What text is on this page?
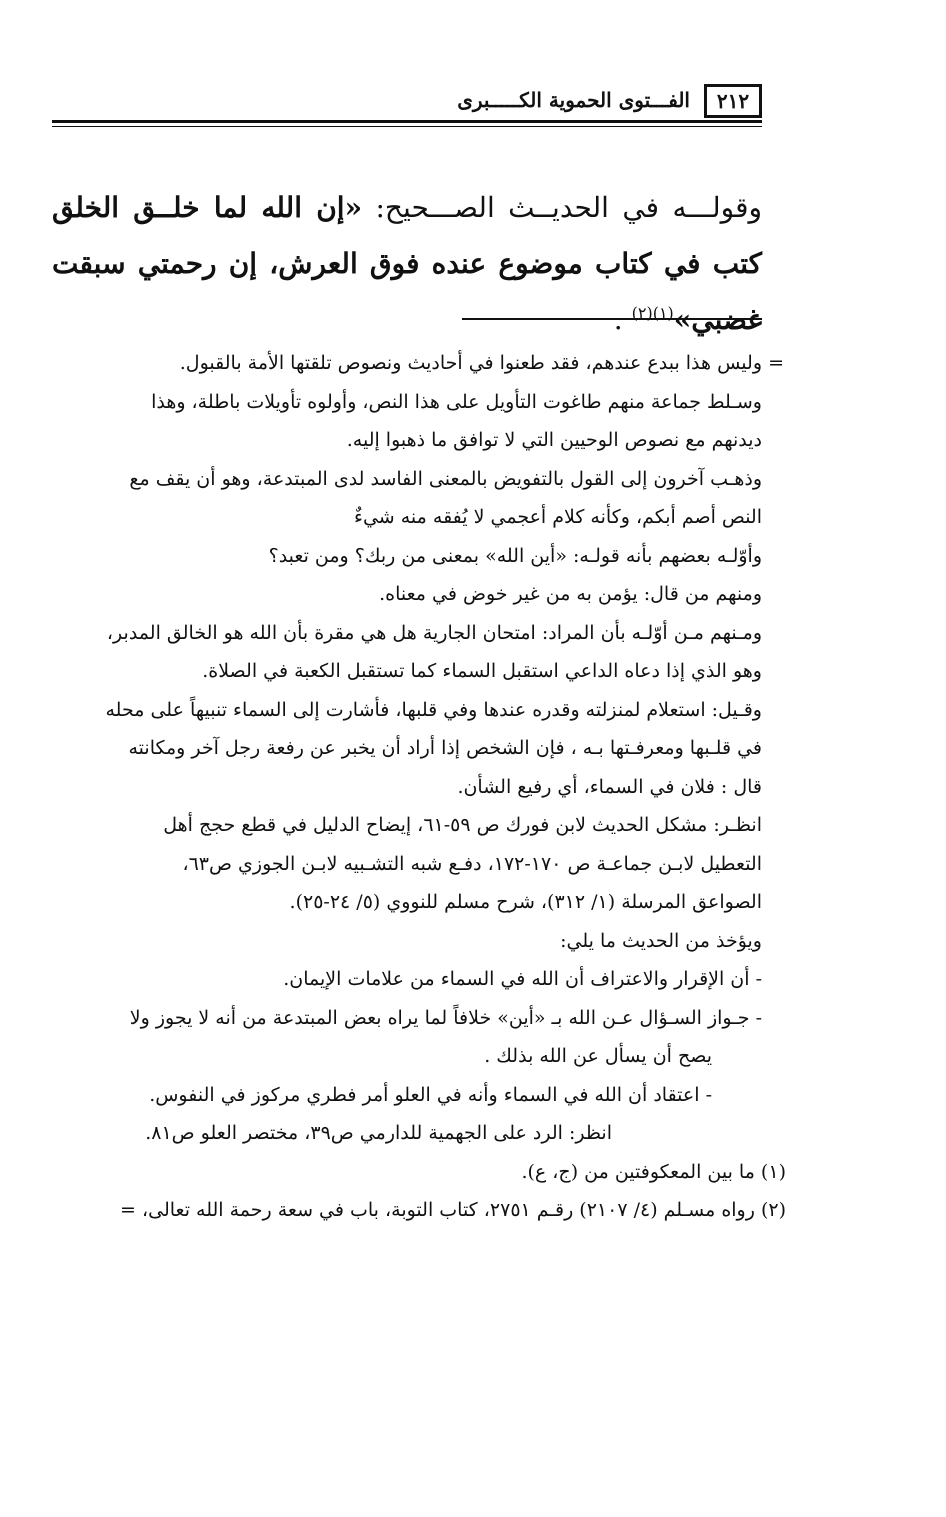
٢١٢
الفـــتوى الحموية الكـــــبرى
وقولـــه في الحديــث الصـــحيح: «إن الله لما خلــق الخلق كتب في كتاب موضوع عنده فوق العرش، إن رحمتي سبقت غضبي»$^{(١)(٢)}$ .
=
وليس هذا ببدع عندهم، فقد طعنوا في أحاديث ونصوص تلقتها الأمة بالقبول.
وسـلط جماعة منهم طاغوت التأويل على هذا النص، وأولوه تأويلات باطلة، وهذا
ديدنهم مع نصوص الوحيين التي لا توافق ما ذهبوا إليه.
وذهـب آخرون إلى القول بالتفويض بالمعنى الفاسد لدى المبتدعة، وهو أن يقف مع
النص أصم أبكم، وكأنه كلام أعجمي لا يُفقه منه شيءٌ
وأوّلـه بعضهم بأنه قولـه: «أين الله» بمعنى من ربك؟ ومن تعبد؟
ومنهم من قال: يؤمن به من غير خوض في معناه.
ومـنهم مـن أوّلـه بأن المراد: امتحان الجارية هل هي مقرة بأن الله هو الخالق المدبر،
وهو الذي إذا دعاه الداعي استقبل السماء كما تستقبل الكعبة في الصلاة.
وقـيل: استعلام لمنزلته وقدره عندها وفي قلبها، فأشارت إلى السماء تنبيهاً على محله
في قلـبها ومعرفـتها بـه ، فإن الشخص إذا أراد أن يخبر عن رفعة رجل آخر ومكانته
قال : فلان في السماء، أي رفيع الشأن.
انظـر: مشكل الحديث لابن فورك ص ٥٩-٦١، إيضاح الدليل في قطع حجج أهل
التعطيل لابـن جماعـة ص ١٧٠-١٧٢، دفـع شبه التشـبيه لابـن الجوزي ص٦٣،
الصواعق المرسلة (١/ ٣١٢)، شرح مسلم للنووي (٥/ ٢٤-٢٥).
ويؤخذ من الحديث ما يلي:
- أن الإقرار والاعتراف أن الله في السماء من علامات الإيمان.
- جـواز السـؤال عـن الله بـ «أين» خلافاً لما يراه بعض المبتدعة من أنه لا يجوز ولا
يصح أن يسأل عن الله بذلك .
- اعتقاد أن الله في السماء وأنه في العلو أمر فطري مركوز في النفوس.
انظر: الرد على الجهمية للدارمي ص٣٩، مختصر العلو ص٨١.
(١) ما بين المعكوفتين من (ج، ع).
(٢) رواه مسـلم (٤/ ٢١٠٧) رقـم ٢٧٥١، كتاب التوبة، باب في سعة رحمة الله تعالى، =
